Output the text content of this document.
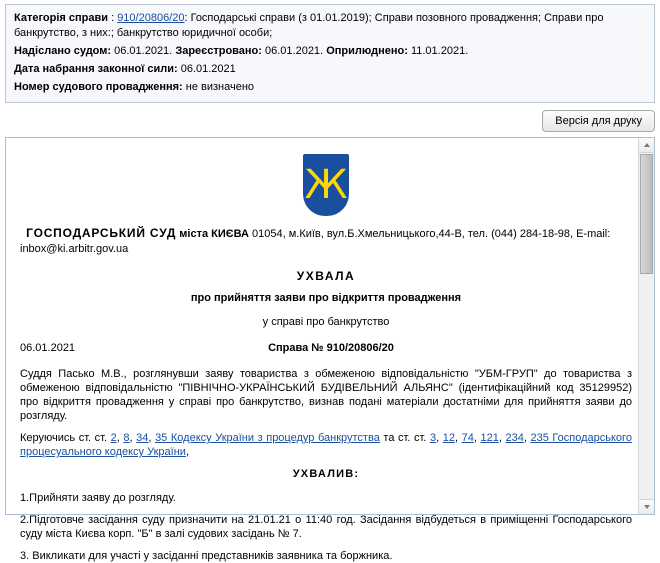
Категорія справи : 910/20806/20: Господарські справи (з 01.01.2019); Справи позовного провадження; Справи про банкрутство, з них:; банкрутство юридичної особи;
Надіслано судом: 06.01.2021. Зареєстровано: 06.01.2021. Оприлюднено: 11.01.2021.
Дата набрання законної сили: 06.01.2021
Номер судового провадження: не визначено
Версія для друку
Ж
ГОСПОДАРСЬКИЙ СУД міста КИЄВА 01054, м.Київ, вул.Б.Хмельницького,44-В, тел. (044) 284-18-98, E-mail: inbox@ki.arbitr.gov.ua
УХВАЛА
про прийняття заяви про відкриття провадження
у справі про банкрутство
06.01.2021	Справа № 910/20806/20
Суддя Пасько М.В., розглянувши заяву товариства з обмеженою відповідальністю "УБМ-ГРУП" до товариства з обмеженою відповідальністю "ПІВНІЧНО-УКРАЇНСЬКИЙ БУДІВЕЛЬНИЙ АЛЬЯНС" (ідентифікаційний код 35129952) про відкриття провадження у справі про банкрутство, визнав подані матеріали достатніми для прийняття заяви до розгляду.
Керуючись ст. ст. 2, 8, 34, 35 Кодексу України з процедур банкрутства та ст. ст. 3, 12, 74, 121, 234, 235 Господарського процесуального кодексу України,
УХВАЛИВ:
1.Прийняти заяву до розгляду.
2.Підготовче засідання суду призначити на 21.01.21 о 11:40 год. Засідання відбудеться в приміщенні Господарського суду міста Києва корп. "Б" в залі судових засідань № 7.
3. Викликати для участі у засіданні представників заявника та боржника.
